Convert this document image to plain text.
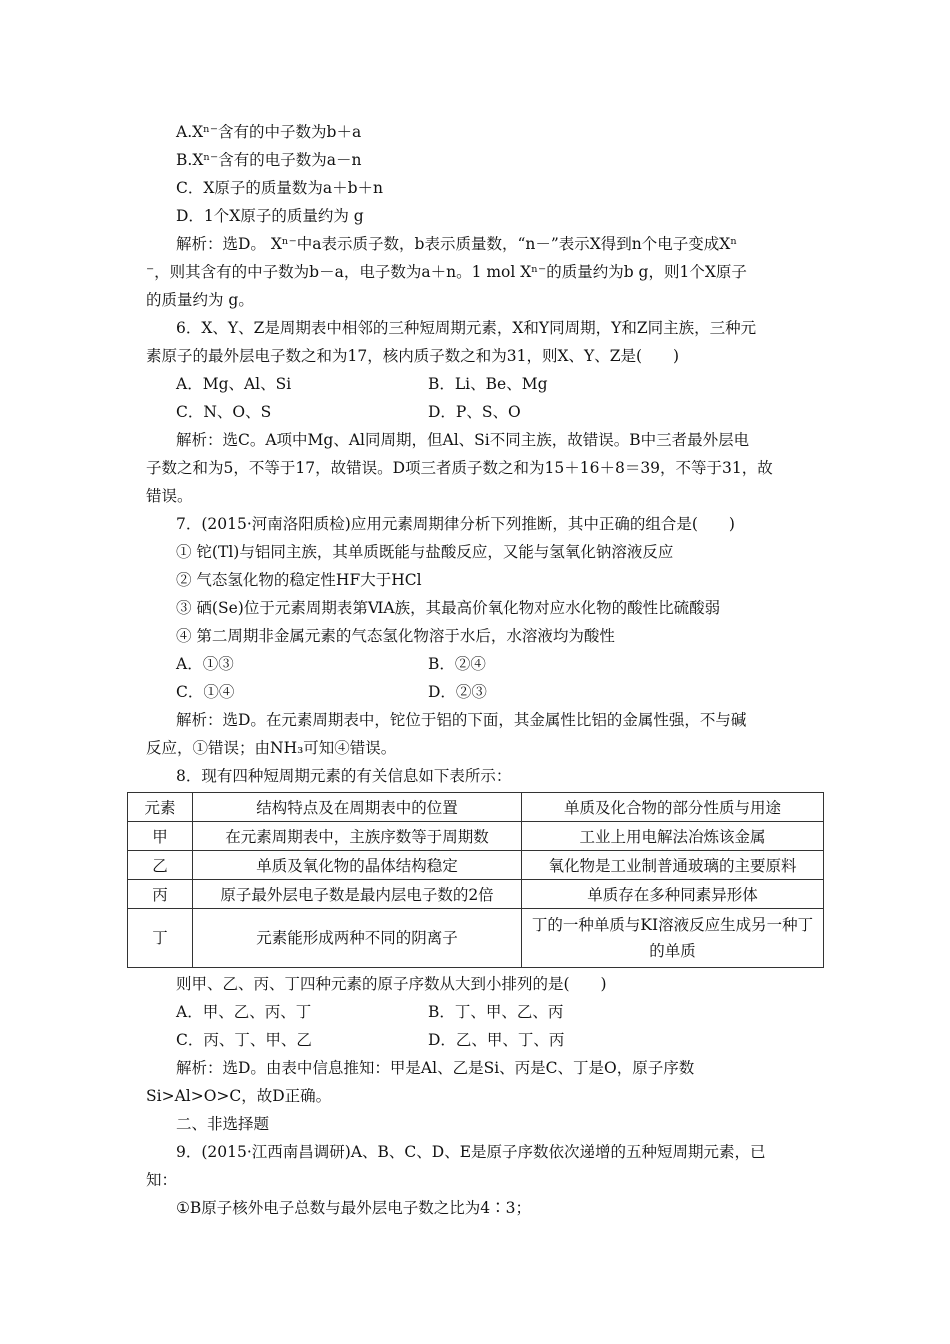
A.Xⁿ⁻含有的中子数为b＋a
B.Xⁿ⁻含有的电子数为a－n
C．X原子的质量数为a＋b＋n
D．1个X原子的质量约为 g
解析：选D。 Xⁿ⁻中a表示质子数，b表示质量数，“n－”表示X得到n个电子变成Xⁿ
⁻，则其含有的中子数为b－a，电子数为a＋n。1 mol Xⁿ⁻的质量约为b g，则1个X原子
的质量约为 g。
6．X、Y、Z是周期表中相邻的三种短周期元素，X和Y同周期，Y和Z同主族，三种元
素原子的最外层电子数之和为17，核内质子数之和为31，则X、Y、Z是(　　)
A．Mg、Al、Si	B．Li、Be、Mg
C．N、O、S	D．P、S、O
解析：选C。A项中Mg、Al同周期，但Al、Si不同主族，故错误。B中三者最外层电
子数之和为5，不等于17，故错误。D项三者质子数之和为15＋16＋8＝39，不等于31，故
错误。
7．(2015·河南洛阳质检)应用元素周期律分析下列推断，其中正确的组合是(　　)
① 铊(Tl)与铝同主族，其单质既能与盐酸反应，又能与氢氧化钠溶液反应
② 气态氢化物的稳定性HF大于HCl
③ 硒(Se)位于元素周期表第ⅥA族，其最高价氧化物对应水化物的酸性比硫酸弱
④ 第二周期非金属元素的气态氢化物溶于水后，水溶液均为酸性
A．①③	B．②④
C．①④	D．②③
解析：选D。在元素周期表中，铊位于铝的下面，其金属性比铝的金属性强，不与碱
反应，①错误；由NH₃可知④错误。
8．现有四种短周期元素的有关信息如下表所示：
元素	结构特点及在周期表中的位置	单质及化合物的部分性质与用途
甲	在元素周期表中，主族序数等于周期数	工业上用电解法冶炼该金属
乙	单质及氧化物的晶体结构稳定	氧化物是工业制普通玻璃的主要原料
丙	原子最外层电子数是最内层电子数的2倍	单质存在多种同素异形体
丁	元素能形成两种不同的阴离子	丁的一种单质与KI溶液反应生成另一种丁的单质
则甲、乙、丙、丁四种元素的原子序数从大到小排列的是(　　)
A．甲、乙、丙、丁	B．丁、甲、乙、丙
C．丙、丁、甲、乙	D．乙、甲、丁、丙
解析：选D。由表中信息推知：甲是Al、乙是Si、丙是C、丁是O，原子序数
Si>Al>O>C，故D正确。
二、非选择题
9．(2015·江西南昌调研)A、B、C、D、E是原子序数依次递增的五种短周期元素，已
知：
①B原子核外电子总数与最外层电子数之比为4∶3；
